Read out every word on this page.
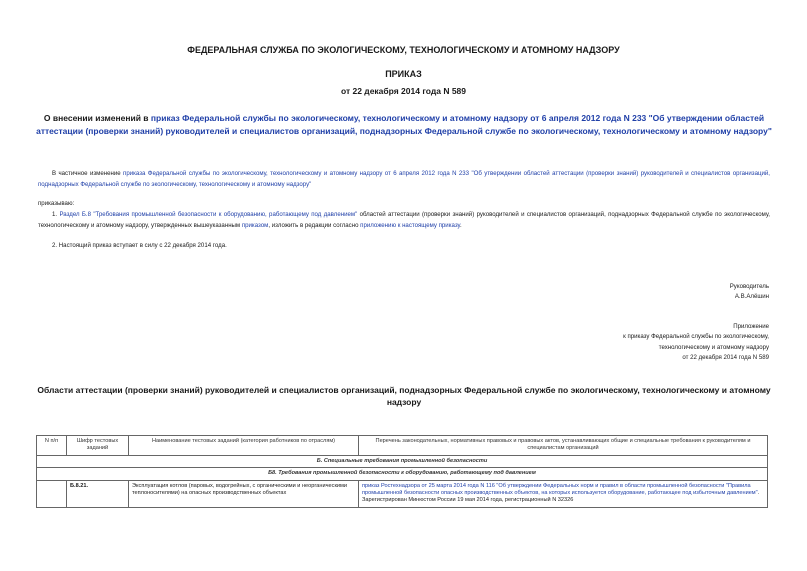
ФЕДЕРАЛЬНАЯ СЛУЖБА ПО ЭКОЛОГИЧЕСКОМУ, ТЕХНОЛОГИЧЕСКОМУ И АТОМНОМУ НАДЗОРУ
ПРИКАЗ
от 22 декабря 2014 года N 589
О внесении изменений в приказ Федеральной службы по экологическому, технологическому и атомному надзору от 6 апреля 2012 года N 233 "Об утверждении областей аттестации (проверки знаний) руководителей и специалистов организаций, поднадзорных Федеральной службе по экологическому, технологическому и атомному надзору"
В частичное изменение приказа Федеральной службы по экологическому, технологическому и атомному надзору от 6 апреля 2012 года N 233 "Об утверждении областей аттестации (проверки знаний) руководителей и специалистов организаций, поднадзорных Федеральной службе по экологическому, технологическому и атомному надзору"
приказываю:
1. Раздел Б.8 "Требования промышленной безопасности к оборудованию, работающему под давлением" областей аттестации (проверки знаний) руководителей и специалистов организаций, поднадзорных Федеральной службе по экологическому, технологическому и атомному надзору, утвержденных вышеуказанным приказом, изложить в редакции согласно приложению к настоящему приказу.
2. Настоящий приказ вступает в силу с 22 декабря 2014 года.
Руководитель
А.В.Алёшин
Приложение
к приказу Федеральной службы по экологическому,
технологическому и атомному надзору
от 22 декабря 2014 года N 589
Области аттестации (проверки знаний) руководителей и специалистов организаций, поднадзорных Федеральной службе по экологическому, технологическому и атомному надзору
N п/п	Шифр тестовых заданий	Наименование тестовых заданий (категория работников по отраслям)	Перечень законодательных, нормативных правовых и правовых актов, устанавливающих общие и специальные требования к руководителям и специалистам организаций
Б. Специальные требования промышленной безопасности			
Б8. Требования промышленной безопасности к оборудованию, работающему под давлением			
	Б.8.21.	Эксплуатация котлов (паровых, водогрейных, с органическими и неорганическими теплоносителями) на опасных производственных объектах	приказ Ростехнадзора от 25 марта 2014 года N 116 "Об утверждении Федеральных норм и правил в области промышленной безопасности "Правила промышленной безопасности опасных производственных объектов, на которых используется оборудование, работающее под избыточным давлением". Зарегистрирован Минюстом России 19 мая 2014 года, регистрационный N 32326
